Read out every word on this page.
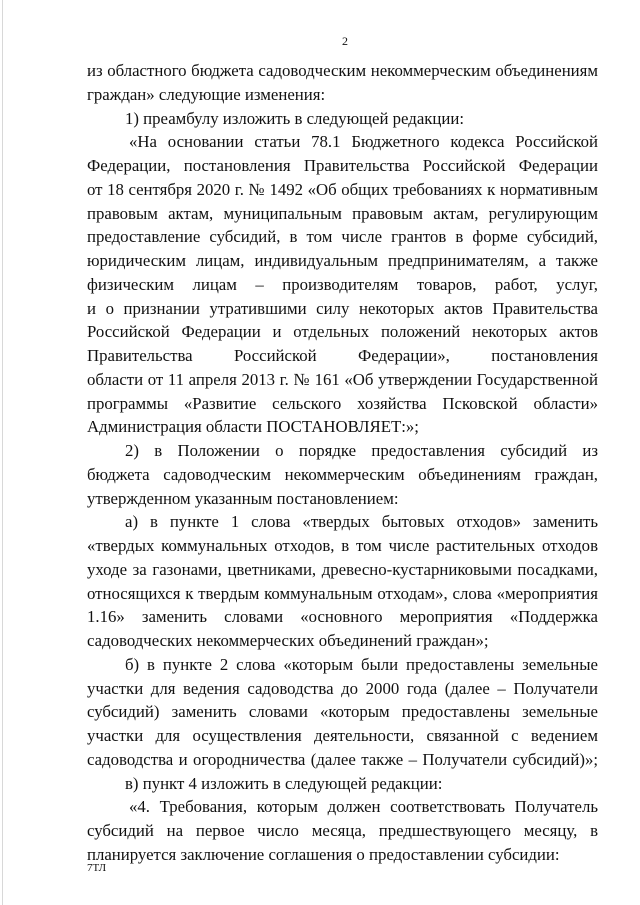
2
из областного бюджета садоводческим некоммерческим объединениям
граждан» следующие изменения:
1) преамбулу изложить в следующей редакции:
«На основании статьи 78.1 Бюджетного кодекса Российской
Федерации, постановления Правительства Российской Федерации
от 18 сентября 2020 г. № 1492 «Об общих требованиях к нормативным
правовым актам, муниципальным правовым актам, регулирующим
предоставление субсидий, в том числе грантов в форме субсидий,
юридическим лицам, индивидуальным предпринимателям, а также
физическим лицам – производителям товаров, работ, услуг,
и о признании утратившими силу некоторых актов Правительства
Российской Федерации и отдельных положений некоторых актов
Правительства Российской Федерации», постановления
области от 11 апреля 2013 г. № 161 «Об утверждении Государственной
программы «Развитие сельского хозяйства Псковской области»
Администрация области ПОСТАНОВЛЯЕТ:»;
2) в Положении о порядке предоставления субсидий из
бюджета садоводческим некоммерческим объединениям граждан,
утвержденном указанным постановлением:
а) в пункте 1 слова «твердых бытовых отходов» заменить
«твердых коммунальных отходов, в том числе растительных отходов
уходе за газонами, цветниками, древесно-кустарниковыми посадками,
относящихся к твердым коммунальным отходам», слова «мероприятия
1.16» заменить словами «основного мероприятия «Поддержка
садоводческих некоммерческих объединений граждан»;
б) в пункте 2 слова «которым были предоставлены земельные
участки для ведения садоводства до 2000 года (далее – Получатели
субсидий) заменить словами «которым предоставлены земельные
участки для осуществления деятельности, связанной с ведением
садоводства и огородничества (далее также – Получатели субсидий)»;
в) пункт 4 изложить в следующей редакции:
«4. Требования, которым должен соответствовать Получатель
субсидий на первое число месяца, предшествующего месяцу, в
планируется заключение соглашения о предоставлении субсидии:
7ТЛ
